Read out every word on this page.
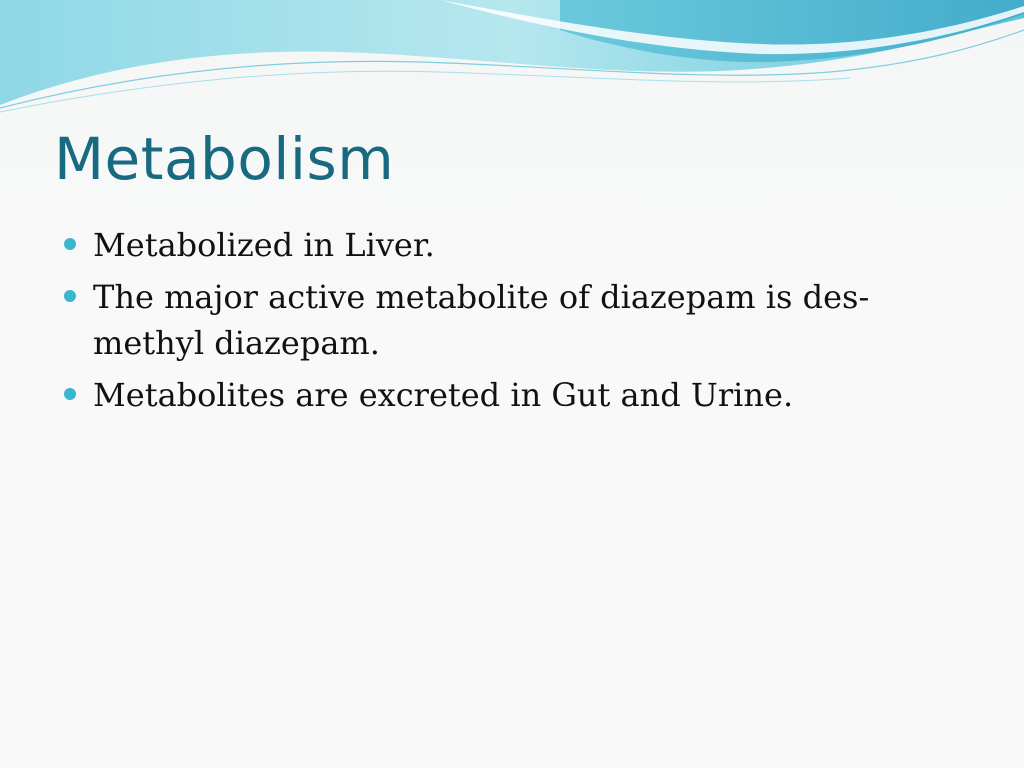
Metabolism
Metabolized in Liver.
The major active metabolite of diazepam is des-methyl diazepam.
Metabolites are excreted in Gut and Urine.
